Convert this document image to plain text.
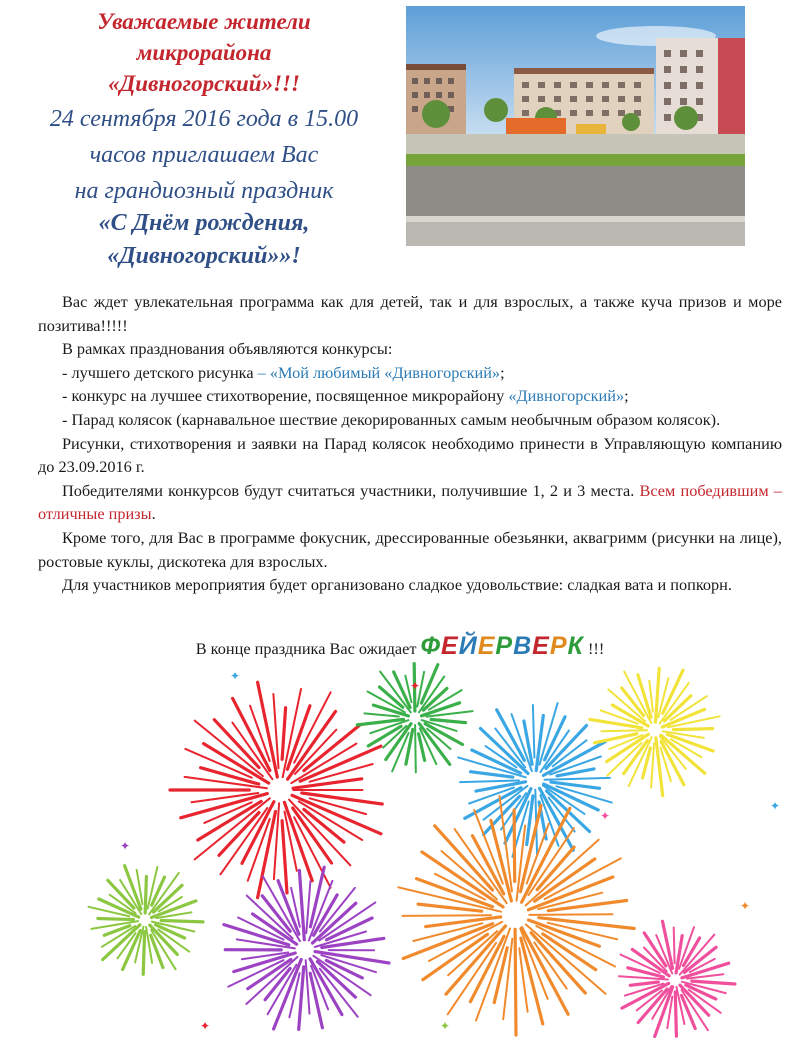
Уважаемые жители
микрорайона
«Дивногорский»!!!
24 сентября 2016 года в 15.00
часов приглашаем Вас
на грандиозный праздник
«С Днём рождения,
«Дивногорский»»!

Вас ждет увлекательная программа как для детей, так и для взрослых, а также куча призов и море позитива!!!!!

В рамках празднования объявляются конкурсы:

- лучшего детского рисунка – «Мой любимый «Дивногорский»;

- конкурс на лучшее стихотворение, посвященное микрорайону «Дивногорский»;

- Парад колясок (карнавальное шествие декорированных самым необычным образом колясок).

Рисунки, стихотворения и заявки на Парад колясок необходимо принести в Управляющую компанию до 23.09.2016 г.

Победителями конкурсов будут считаться участники, получившие 1, 2 и 3 места. Всем победившим – отличные призы.

Кроме того, для Вас в программе фокусник, дрессированные обезьянки, аквагримм (рисунки на лице), ростовые куклы, дискотека для взрослых.

Для участников мероприятия будет организовано сладкое удовольствие: сладкая вата и попкорн.

В конце праздника Вас ожидает ФЕЙЕРВЕРК !!!
✦
✦
✦
✦
✦
✦
✦
✦
